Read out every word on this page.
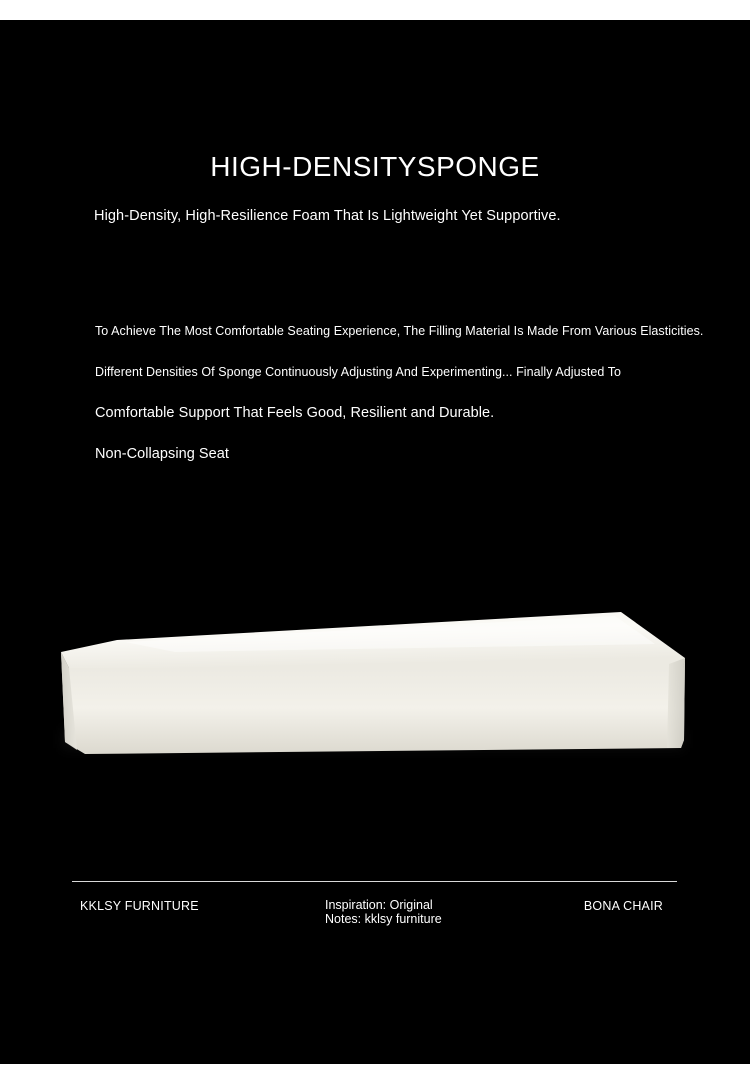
HIGH-DENSITYSPONGE
High-Density, High-Resilience Foam That Is Lightweight Yet Supportive.
To Achieve The Most Comfortable Seating Experience, The Filling Material Is Made From Various Elasticities.
Different Densities Of Sponge Continuously Adjusting And Experimenting... Finally Adjusted To
Comfortable Support That Feels Good, Resilient and Durable.
Non-Collapsing Seat
KKLSY FURNITURE	Inspiration: Original
Notes: kklsy furniture
BONA CHAIR
